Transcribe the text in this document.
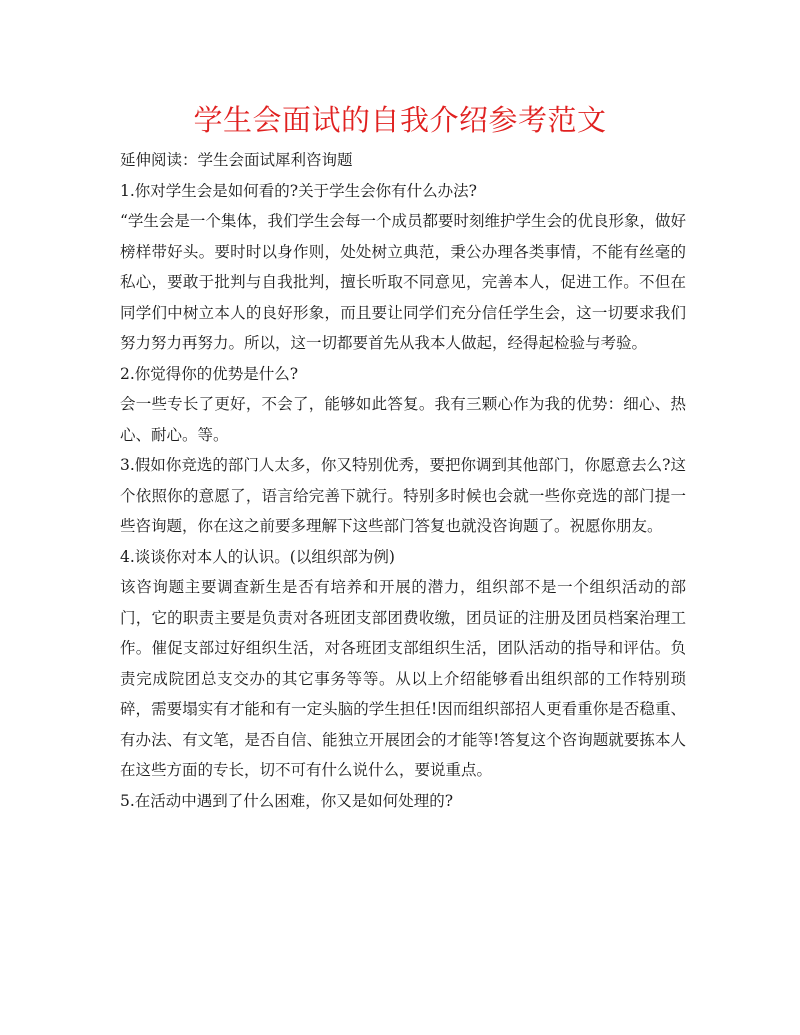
学生会面试的自我介绍参考范文

延伸阅读：学生会面试犀利咨询题

1.你对学生会是如何看的?关于学生会你有什么办法?

“学生会是一个集体，我们学生会每一个成员都要时刻维护学生会的优良形象，做好榜样带好头。要时时以身作则，处处树立典范，秉公办理各类事情，不能有丝毫的私心，要敢于批判与自我批判，擅长听取不同意见，完善本人，促进工作。不但在同学们中树立本人的良好形象，而且要让同学们充分信任学生会，这一切要求我们努力努力再努力。所以，这一切都要首先从我本人做起，经得起检验与考验。

2.你觉得你的优势是什么?

会一些专长了更好，不会了，能够如此答复。我有三颗心作为我的优势：细心、热心、耐心。等。

3.假如你竞选的部门人太多，你又特别优秀，要把你调到其他部门，你愿意去么?这个依照你的意愿了，语言给完善下就行。特别多时候也会就一些你竞选的部门提一些咨询题，你在这之前要多理解下这些部门答复也就没咨询题了。祝愿你朋友。

4.谈谈你对本人的认识。(以组织部为例)

该咨询题主要调查新生是否有培养和开展的潜力，组织部不是一个组织活动的部门，它的职责主要是负责对各班团支部团费收缴，团员证的注册及团员档案治理工作。催促支部过好组织生活，对各班团支部组织生活，团队活动的指导和评估。负责完成院团总支交办的其它事务等等。从以上介绍能够看出组织部的工作特别琐碎，需要塌实有才能和有一定头脑的学生担任!因而组织部招人更看重你是否稳重、有办法、有文笔，是否自信、能独立开展团会的才能等!答复这个咨询题就要拣本人在这些方面的专长，切不可有什么说什么，要说重点。

5.在活动中遇到了什么困难，你又是如何处理的?
